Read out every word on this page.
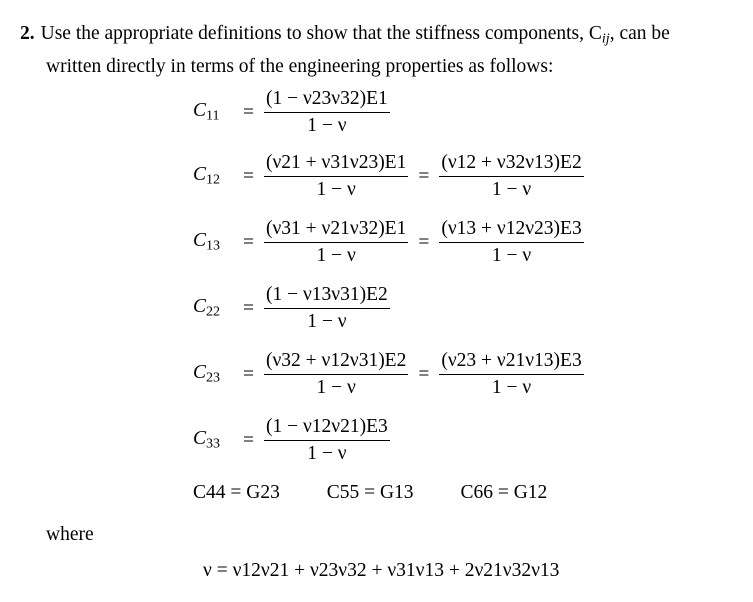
2. Use the appropriate definitions to show that the stiffness components, $C_{ij}$, can be
written directly in terms of the engineering properties as follows:
$C_{11}$	= $\frac{(1 - \nu 23\nu 32)E1}{1 - \nu}$
$C_{12}$	= $\frac{(\nu 21 + \nu 31\nu 23)E1}{1 - \nu} = \frac{(\nu 12 + \nu 32\nu 13)E2}{1 - \nu}$
$C_{13}$	= $\frac{(\nu 31 + \nu 21\nu 32)E1}{1 - \nu} = \frac{(\nu 13 + \nu 12\nu 23)E3}{1 - \nu}$
$C_{22}$	= $\frac{(1 - \nu 13\nu 31)E2}{1 - \nu}$
$C_{23}$	= $\frac{(\nu 32 + \nu 12\nu 31)E2}{1 - \nu} = \frac{(\nu 23 + \nu 21\nu 13)E3}{1 - \nu}$
$C_{33}$	= $\frac{(1 - \nu 12\nu 21)E3}{1 - \nu}$
C44 = G23 C55 = G13 C66 = G12
where
ν = ν12ν21 + ν23ν32 + ν31ν13 + 2ν21ν32ν13
